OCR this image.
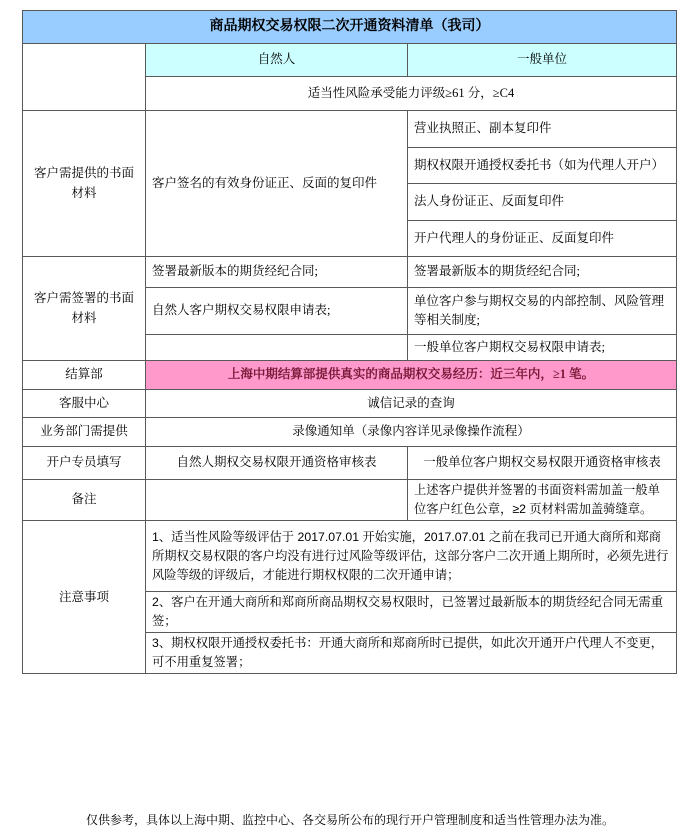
商品期权交易权限二次开通资料清单（我司）		
	自然人	一般单位
	适当性风险承受能力评级≥61 分，≥C4	
客户需提供的书面材料	客户签名的有效身份证正、反面的复印件	营业执照正、副本复印件
		期权权限开通授权委托书（如为代理人开户）
		法人身份证正、反面复印件
		开户代理人的身份证正、反面复印件
客户需签署的书面材料	签署最新版本的期货经纪合同;	签署最新版本的期货经纪合同;
	自然人客户期权交易权限申请表;	单位客户参与期权交易的内部控制、风险管理等相关制度;
		一般单位客户期权交易权限申请表;
结算部	上海中期结算部提供真实的商品期权交易经历：近三年内，≥1 笔。	
客服中心	诚信记录的查询	
业务部门需提供	录像通知单（录像内容详见录像操作流程）	
开户专员填写	自然人期权交易权限开通资格审核表	一般单位客户期权交易权限开通资格审核表
备注		上述客户提供并签署的书面资料需加盖一般单位客户红色公章，≥2 页材料需加盖骑缝章。
注意事项	1、适当性风险等级评估于 2017.07.01 开始实施，2017.07.01 之前在我司已开通大商所和郑商所期权交易权限的客户均没有进行过风险等级评估，这部分客户二次开通上期所时，必须先进行风险等级的评级后，才能进行期权权限的二次开通申请；	
	2、客户在开通大商所和郑商所商品期权交易权限时，已签署过最新版本的期货经纪合同无需重签；	
	3、期权权限开通授权委托书：开通大商所和郑商所时已提供，如此次开通开户代理人不变更，可不用重复签署；	
仅供参考，具体以上海中期、监控中心、各交易所公布的现行开户管理制度和适当性管理办法为准。
